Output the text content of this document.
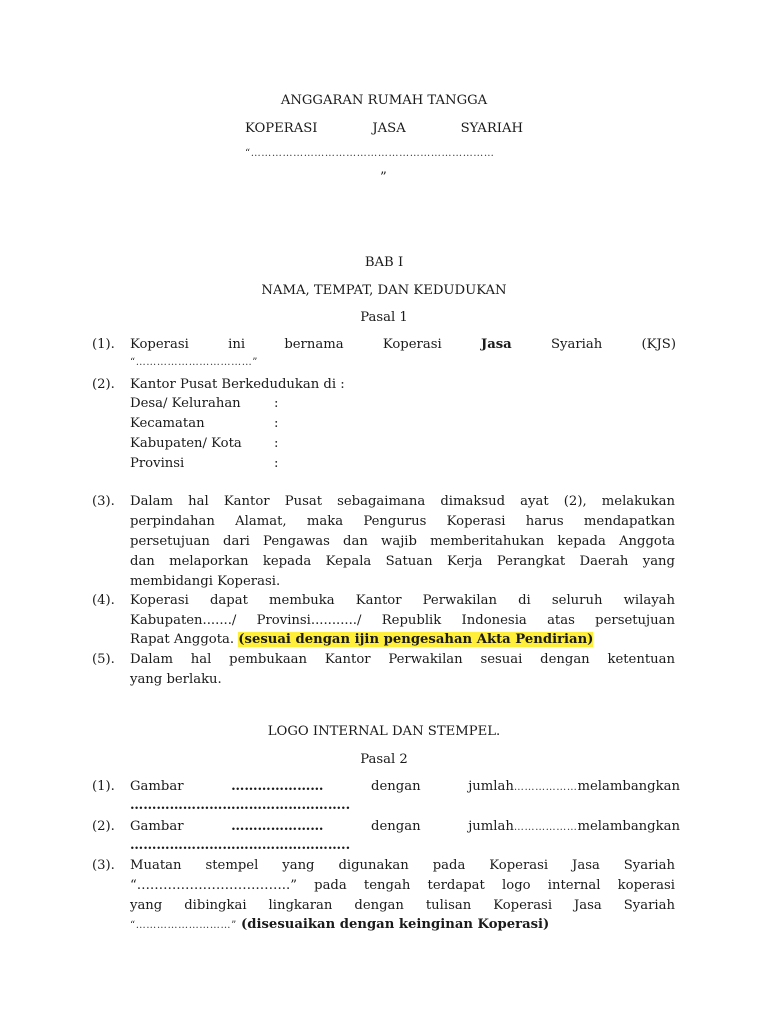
ANGGARAN RUMAH TANGGA
KOPERASI	JASA	SYARIAH
“……………………………………………………………
”
BAB I
NAMA, TEMPAT, DAN KEDUDUKAN
Pasal 1
(1). Koperasi	ini	bernama	Koperasi	Jasa	Syariah	(KJS)
“……………………………”
(2). Kantor Pusat Berkedudukan di :
Desa/ Kelurahan	:
Kecamatan	:
Kabupaten/ Kota :
Provinsi	:
(3). Dalam hal Kantor Pusat sebagaimana dimaksud ayat (2), melakukan
perpindahan Alamat, maka Pengurus Koperasi harus mendapatkan
persetujuan dari Pengawas dan wajib memberitahukan kepada Anggota
dan melaporkan kepada Kepala Satuan Kerja Perangkat Daerah yang
membidangi Koperasi.
(4). Koperasi dapat membuka Kantor Perwakilan di seluruh wilayah
Kabupaten......./ Provinsi.........../ Republik Indonesia atas persetujuan
Rapat Anggota. (sesuai dengan ijin pengesahan Akta Pendirian)
(5). Dalam hal pembukaan Kantor Perwakilan sesuai dengan ketentuan
yang berlaku.
LOGO INTERNAL DAN STEMPEL.
Pasal 2
(1). Gambar	…………………	dengan	jumlah………………melambangkan
…………………………………………..
(2). Gambar	…………………	dengan	jumlah………………melambangkan
…………………………………………..
(3). Muatan stempel yang digunakan pada Koperasi Jasa Syariah
“……………………………..” pada tengah terdapat logo internal koperasi
yang dibingkai lingkaran dengan tulisan Koperasi Jasa Syariah
“………………………” (disesuaikan dengan keinginan Koperasi)
